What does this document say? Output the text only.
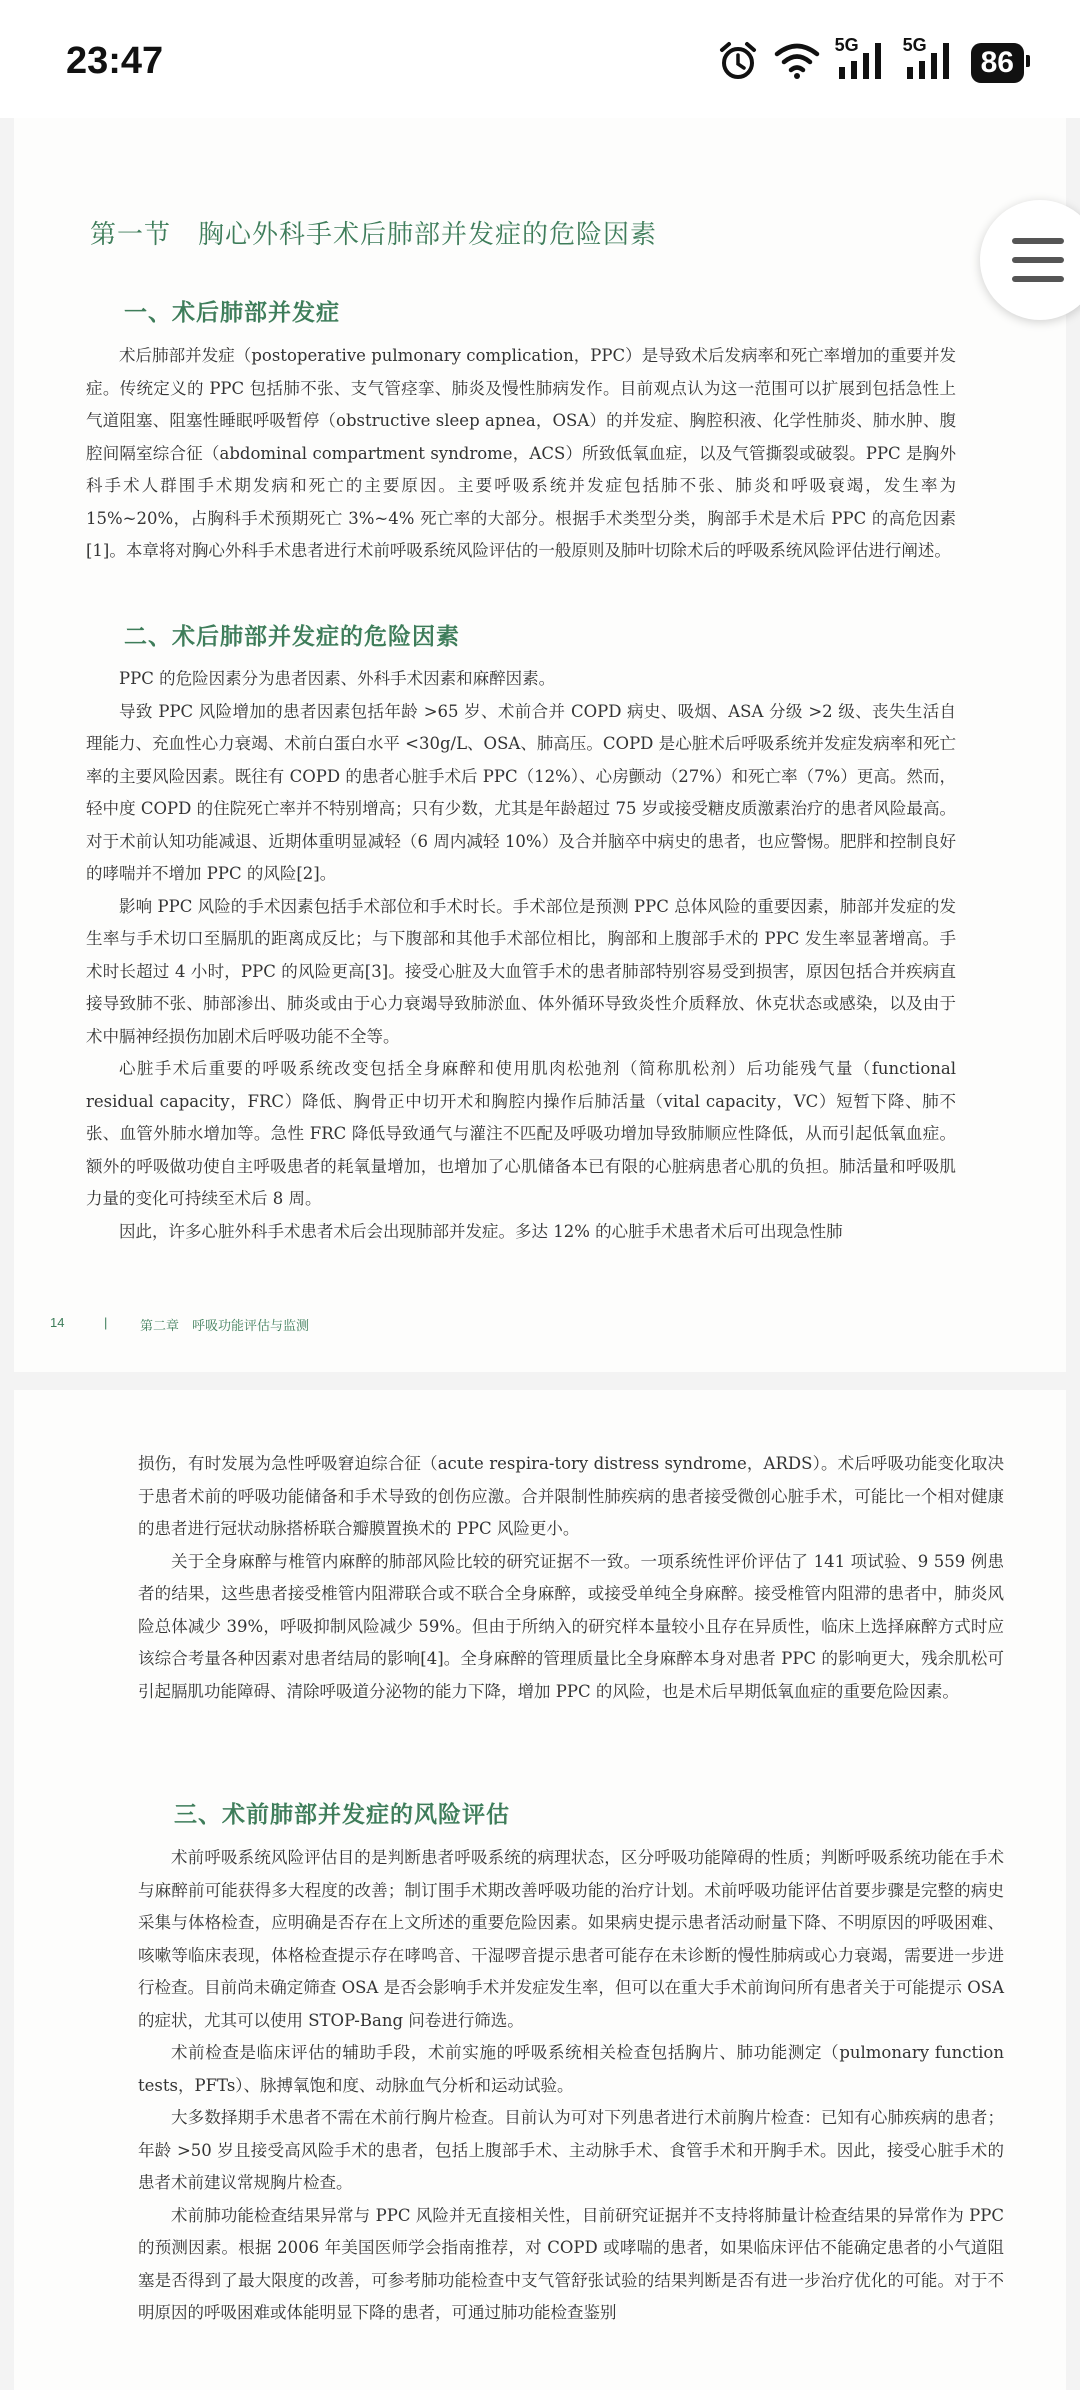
23:47	5G 5G
86
第一节　胸心外科手术后肺部并发症的危险因素
一、术后肺部并发症

术后肺部并发症（postoperative pulmonary complication，PPC）是导致术后发病率和死亡率增加的重要并发症。传统定义的 PPC 包括肺不张、支气管痉挛、肺炎及慢性肺病发作。目前观点认为这一范围可以扩展到包括急性上气道阻塞、阻塞性睡眠呼吸暂停（obstructive sleep apnea，OSA）的并发症、胸腔积液、化学性肺炎、肺水肿、腹腔间隔室综合征（abdominal compartment syndrome，ACS）所致低氧血症，以及气管撕裂或破裂。PPC 是胸外科手术人群围手术期发病和死亡的主要原因。主要呼吸系统并发症包括肺不张、肺炎和呼吸衰竭，发生率为 15%~20%，占胸科手术预期死亡 3%~4% 死亡率的大部分。根据手术类型分类，胸部手术是术后 PPC 的高危因素[1]。本章将对胸心外科手术患者进行术前呼吸系统风险评估的一般原则及肺叶切除术后的呼吸系统风险评估进行阐述。

二、术后肺部并发症的危险因素

PPC 的危险因素分为患者因素、外科手术因素和麻醉因素。

导致 PPC 风险增加的患者因素包括年龄 >65 岁、术前合并 COPD 病史、吸烟、ASA 分级 >2 级、丧失生活自理能力、充血性心力衰竭、术前白蛋白水平 <30g/L、OSA、肺高压。COPD 是心脏术后呼吸系统并发症发病率和死亡率的主要风险因素。既往有 COPD 的患者心脏手术后 PPC（12%）、心房颤动（27%）和死亡率（7%）更高。然而，轻中度 COPD 的住院死亡率并不特别增高；只有少数，尤其是年龄超过 75 岁或接受糖皮质激素治疗的患者风险最高。对于术前认知功能减退、近期体重明显减轻（6 周内减轻 10%）及合并脑卒中病史的患者，也应警惕。肥胖和控制良好的哮喘并不增加 PPC 的风险[2]。

影响 PPC 风险的手术因素包括手术部位和手术时长。手术部位是预测 PPC 总体风险的重要因素，肺部并发症的发生率与手术切口至膈肌的距离成反比；与下腹部和其他手术部位相比，胸部和上腹部手术的 PPC 发生率显著增高。手术时长超过 4 小时，PPC 的风险更高[3]。接受心脏及大血管手术的患者肺部特别容易受到损害，原因包括合并疾病直接导致肺不张、肺部渗出、肺炎或由于心力衰竭导致肺淤血、体外循环导致炎性介质释放、休克状态或感染，以及由于术中膈神经损伤加剧术后呼吸功能不全等。

心脏手术后重要的呼吸系统改变包括全身麻醉和使用肌肉松弛剂（简称肌松剂）后功能残气量（functional residual capacity，FRC）降低、胸骨正中切开术和胸腔内操作后肺活量（vital capacity，VC）短暂下降、肺不张、血管外肺水增加等。急性 FRC 降低导致通气与灌注不匹配及呼吸功增加导致肺顺应性降低，从而引起低氧血症。额外的呼吸做功使自主呼吸患者的耗氧量增加，也增加了心肌储备本已有限的心脏病患者心肌的负担。肺活量和呼吸肌力量的变化可持续至术后 8 周。

因此，许多心脏外科手术患者术后会出现肺部并发症。多达 12% 的心脏手术患者术后可出现急性肺

14	|	第二章　呼吸功能评估与监测

损伤，有时发展为急性呼吸窘迫综合征（acute respira-tory distress syndrome，ARDS）。术后呼吸功能变化取决于患者术前的呼吸功能储备和手术导致的创伤应激。合并限制性肺疾病的患者接受微创心脏手术，可能比一个相对健康的患者进行冠状动脉搭桥联合瓣膜置换术的 PPC 风险更小。

关于全身麻醉与椎管内麻醉的肺部风险比较的研究证据不一致。一项系统性评价评估了 141 项试验、9 559 例患者的结果，这些患者接受椎管内阻滞联合或不联合全身麻醉，或接受单纯全身麻醉。接受椎管内阻滞的患者中，肺炎风险总体减少 39%，呼吸抑制风险减少 59%。但由于所纳入的研究样本量较小且存在异质性，临床上选择麻醉方式时应该综合考量各种因素对患者结局的影响[4]。全身麻醉的管理质量比全身麻醉本身对患者 PPC 的影响更大，残余肌松可引起膈肌功能障碍、清除呼吸道分泌物的能力下降，增加 PPC 的风险，也是术后早期低氧血症的重要危险因素。

三、术前肺部并发症的风险评估

术前呼吸系统风险评估目的是判断患者呼吸系统的病理状态，区分呼吸功能障碍的性质；判断呼吸系统功能在手术与麻醉前可能获得多大程度的改善；制订围手术期改善呼吸功能的治疗计划。术前呼吸功能评估首要步骤是完整的病史采集与体格检查，应明确是否存在上文所述的重要危险因素。如果病史提示患者活动耐量下降、不明原因的呼吸困难、咳嗽等临床表现，体格检查提示存在哮鸣音、干湿啰音提示患者可能存在未诊断的慢性肺病或心力衰竭，需要进一步进行检查。目前尚未确定筛查 OSA 是否会影响手术并发症发生率，但可以在重大手术前询问所有患者关于可能提示 OSA 的症状，尤其可以使用 STOP-Bang 问卷进行筛选。

术前检查是临床评估的辅助手段，术前实施的呼吸系统相关检查包括胸片、肺功能测定（pulmonary function tests，PFTs）、脉搏氧饱和度、动脉血气分析和运动试验。

大多数择期手术患者不需在术前行胸片检查。目前认为可对下列患者进行术前胸片检查：已知有心肺疾病的患者；年龄 >50 岁且接受高风险手术的患者，包括上腹部手术、主动脉手术、食管手术和开胸手术。因此，接受心脏手术的患者术前建议常规胸片检查。

术前肺功能检查结果异常与 PPC 风险并无直接相关性，目前研究证据并不支持将肺量计检查结果的异常作为 PPC 的预测因素。根据 2006 年美国医师学会指南推荐，对 COPD 或哮喘的患者，如果临床评估不能确定患者的小气道阻塞是否得到了最大限度的改善，可参考肺功能检查中支气管舒张试验的结果判断是否有进一步治疗优化的可能。对于不明原因的呼吸困难或体能明显下降的患者，可通过肺功能检查鉴别
